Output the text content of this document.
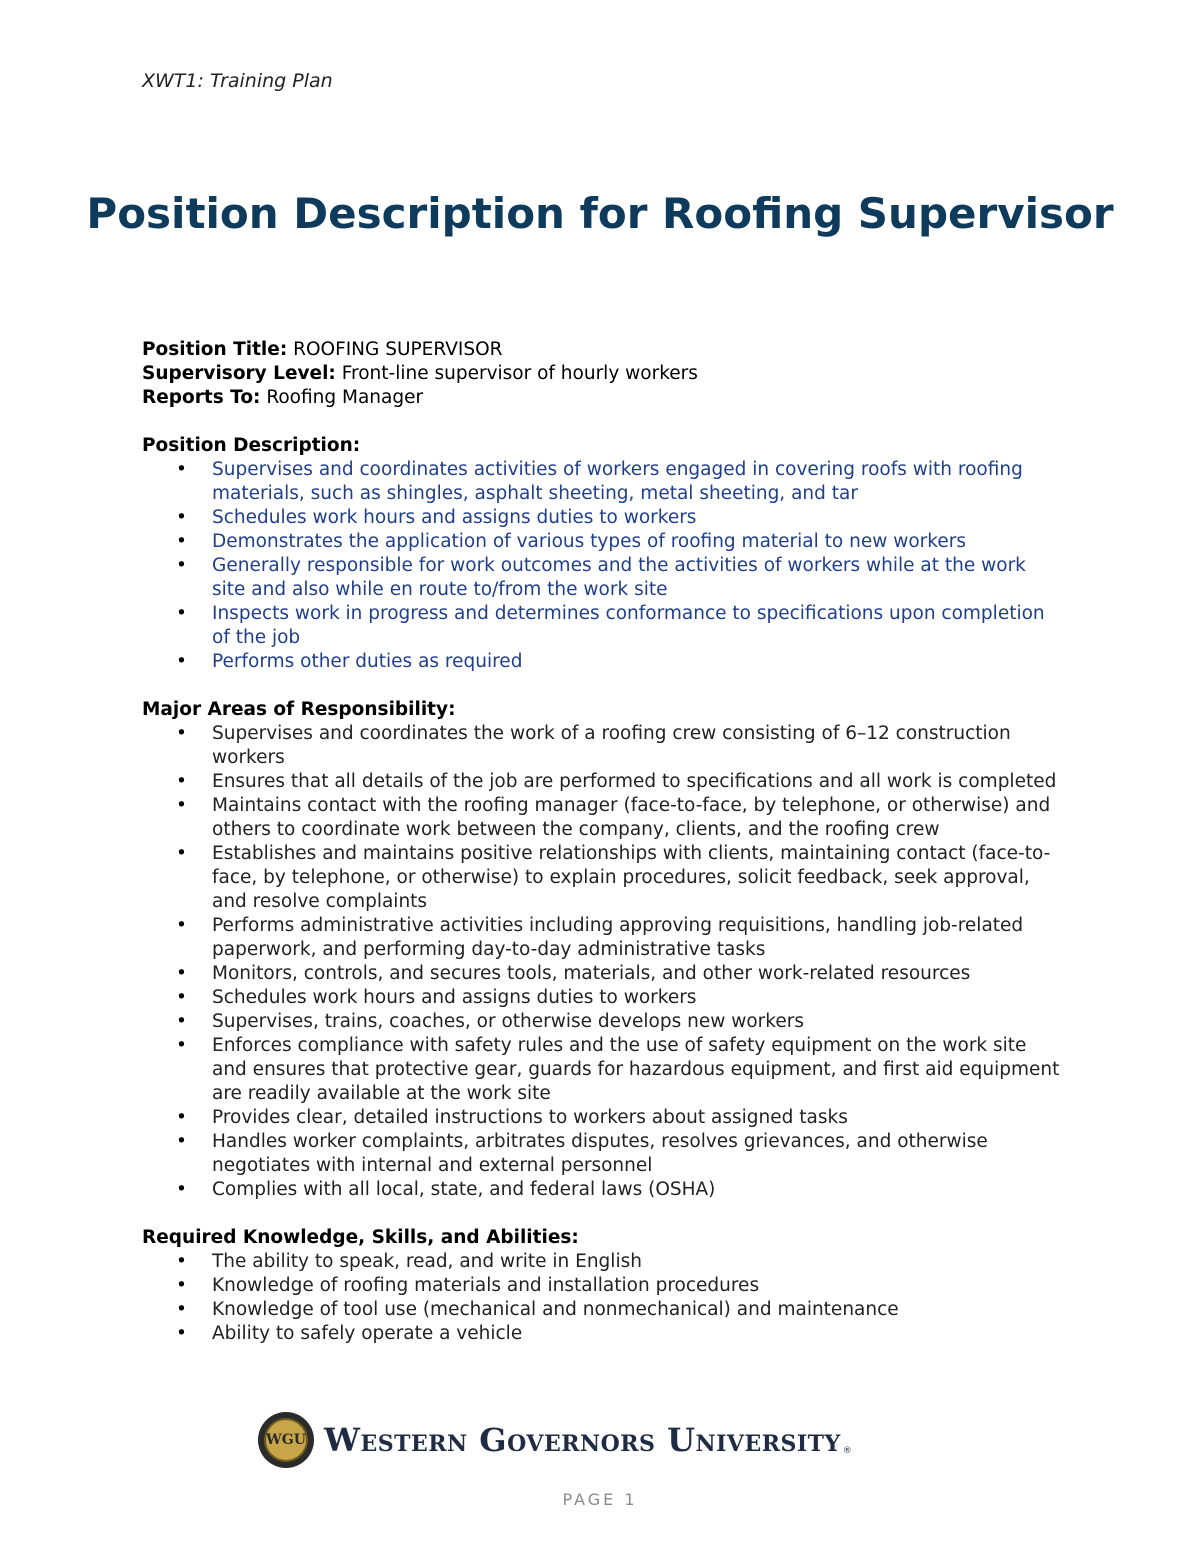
XWT1: Training Plan
Position Description for Roofing Supervisor

Position Title: ROOFING SUPERVISOR

Supervisory Level: Front-line supervisor of hourly workers

Reports To: Roofing Manager

Position Description:

• Supervises and coordinates activities of workers engaged in covering roofs with roofing materials, such as shingles, asphalt sheeting, metal sheeting, and tar
• Schedules work hours and assigns duties to workers
• Demonstrates the application of various types of roofing material to new workers
• Generally responsible for work outcomes and the activities of workers while at the work site and also while en route to/from the work site
• Inspects work in progress and determines conformance to specifications upon completion of the job
• Performs other duties as required

Major Areas of Responsibility:

• Supervises and coordinates the work of a roofing crew consisting of 6–12 construction workers
• Ensures that all details of the job are performed to specifications and all work is completed
• Maintains contact with the roofing manager (face-to-face, by telephone, or otherwise) and others to coordinate work between the company, clients, and the roofing crew
• Establishes and maintains positive relationships with clients, maintaining contact (face-to-face, by telephone, or otherwise) to explain procedures, solicit feedback, seek approval, and resolve complaints
• Performs administrative activities including approving requisitions, handling job-related paperwork, and performing day-to-day administrative tasks
• Monitors, controls, and secures tools, materials, and other work-related resources
• Schedules work hours and assigns duties to workers
• Supervises, trains, coaches, or otherwise develops new workers
• Enforces compliance with safety rules and the use of safety equipment on the work site and ensures that protective gear, guards for hazardous equipment, and first aid equipment are readily available at the work site
• Provides clear, detailed instructions to workers about assigned tasks
• Handles worker complaints, arbitrates disputes, resolves grievances, and otherwise negotiates with internal and external personnel
• Complies with all local, state, and federal laws (OSHA)

Required Knowledge, Skills, and Abilities:

• The ability to speak, read, and write in English
• Knowledge of roofing materials and installation procedures
• Knowledge of tool use (mechanical and nonmechanical) and maintenance
• Ability to safely operate a vehicle
WGU Western Governors University ®
PAGE 1
